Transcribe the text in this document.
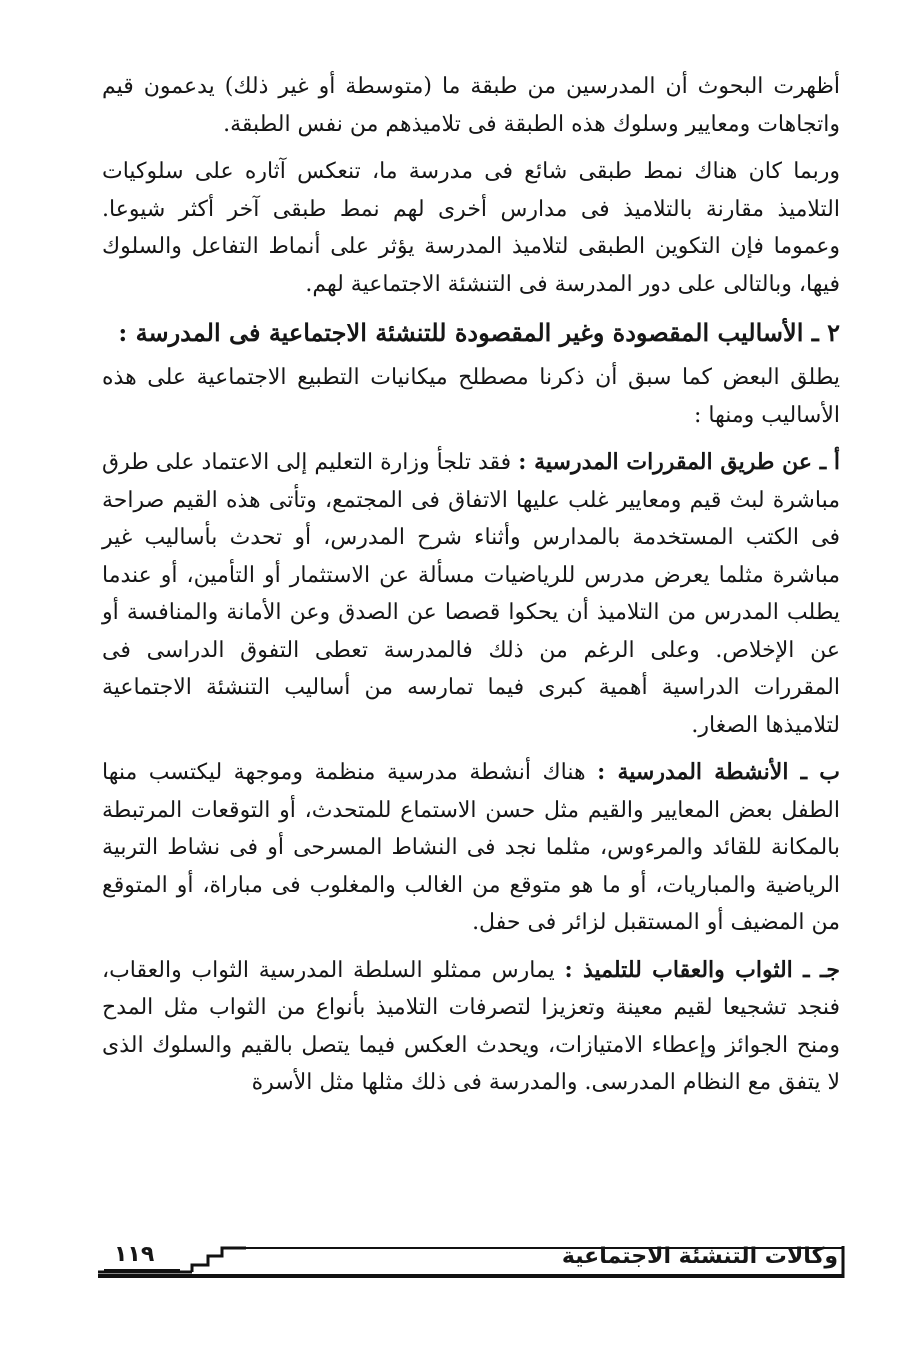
أظهرت البحوث أن المدرسين من طبقة ما (متوسطة أو غير ذلك) يدعمون قيم واتجاهات ومعايير وسلوك هذه الطبقة فى تلاميذهم من نفس الطبقة.

وربما كان هناك نمط طبقى شائع فى مدرسة ما، تنعكس آثاره على سلوكيات التلاميذ مقارنة بالتلاميذ فى مدارس أخرى لهم نمط طبقى آخر أكثر شيوعا. وعموما فإن التكوين الطبقى لتلاميذ المدرسة يؤثر على أنماط التفاعل والسلوك فيها، وبالتالى على دور المدرسة فى التنشئة الاجتماعية لهم.

٢ ـ الأساليب المقصودة وغير المقصودة للتنشئة الاجتماعية فى المدرسة :

يطلق البعض كما سبق أن ذكرنا مصطلح ميكانيات التطبيع الاجتماعية على هذه الأساليب ومنها :

أ ـ عن طريق المقررات المدرسية : فقد تلجأ وزارة التعليم إلى الاعتماد على طرق مباشرة لبث قيم ومعايير غلب عليها الاتفاق فى المجتمع، وتأتى هذه القيم صراحة فى الكتب المستخدمة بالمدارس وأثناء شرح المدرس، أو تحدث بأساليب غير مباشرة مثلما يعرض مدرس للرياضيات مسألة عن الاستثمار أو التأمين، أو عندما يطلب المدرس من التلاميذ أن يحكوا قصصا عن الصدق وعن الأمانة والمنافسة أو عن الإخلاص. وعلى الرغم من ذلك فالمدرسة تعطى التفوق الدراسى فى المقررات الدراسية أهمية كبرى فيما تمارسه من أساليب التنشئة الاجتماعية لتلاميذها الصغار.

ب ـ الأنشطة المدرسية : هناك أنشطة مدرسية منظمة وموجهة ليكتسب منها الطفل بعض المعايير والقيم مثل حسن الاستماع للمتحدث، أو التوقعات المرتبطة بالمكانة للقائد والمرءوس، مثلما نجد فى النشاط المسرحى أو فى نشاط التربية الرياضية والمباريات، أو ما هو متوقع من الغالب والمغلوب فى مباراة، أو المتوقع من المضيف أو المستقبل لزائر فى حفل.

جـ ـ الثواب والعقاب للتلميذ : يمارس ممثلو السلطة المدرسية الثواب والعقاب، فنجد تشجيعا لقيم معينة وتعزيزا لتصرفات التلاميذ بأنواع من الثواب مثل المدح ومنح الجوائز وإعطاء الامتيازات، ويحدث العكس فيما يتصل بالقيم والسلوك الذى لا يتفق مع النظام المدرسى. والمدرسة فى ذلك مثلها مثل الأسرة

١١٩	وكالات التنشئة الاجتماعية
